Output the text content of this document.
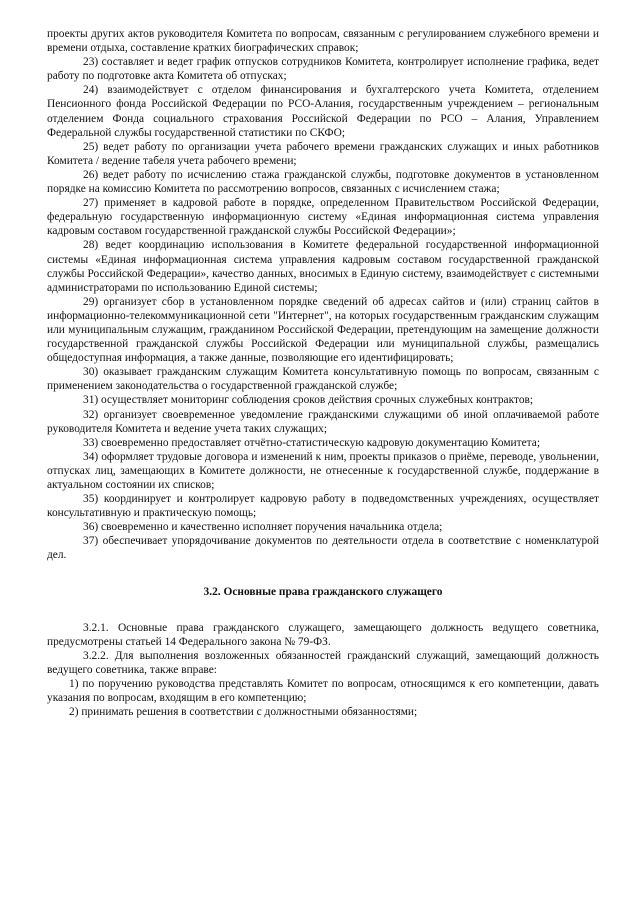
проекты других актов руководителя Комитета по вопросам, связанным с регулированием служебного времени и времени отдыха, составление кратких биографических справок;

23) составляет и ведет график отпусков сотрудников Комитета, контролирует исполнение графика, ведет работу по подготовке акта Комитета об отпусках;

24) взаимодействует с отделом финансирования и бухгалтерского учета Комитета, отделением Пенсионного фонда Российской Федерации по РСО-Алания, государственным учреждением – региональным отделением Фонда социального страхования Российской Федерации по РСО – Алания, Управлением Федеральной службы государственной статистики по СКФО;

25) ведет работу по организации учета рабочего времени гражданских служащих и иных работников Комитета / ведение табеля учета рабочего времени;

26) ведет работу по исчислению стажа гражданской службы, подготовке документов в установленном порядке на комиссию Комитета по рассмотрению вопросов, связанных с исчислением стажа;

27) применяет в кадровой работе в порядке, определенном Правительством Российской Федерации, федеральную государственную информационную систему «Единая информационная система управления кадровым составом государственной гражданской службы Российской Федерации»;

28) ведет координацию использования в Комитете федеральной государственной информационной системы «Единая информационная система управления кадровым составом государственной гражданской службы Российской Федерации», качество данных, вносимых в Единую систему, взаимодействует с системными администраторами по использованию Единой системы;

29) организует сбор в установленном порядке сведений об адресах сайтов и (или) страниц сайтов в информационно-телекоммуникационной сети "Интернет", на которых государственным гражданским служащим или муниципальным служащим, гражданином Российской Федерации, претендующим на замещение должности государственной гражданской службы Российской Федерации или муниципальной службы, размещались общедоступная информация, а также данные, позволяющие его идентифицировать;

30) оказывает гражданским служащим Комитета консультативную помощь по вопросам, связанным с применением законодательства о государственной гражданской службе;

31) осуществляет мониторинг соблюдения сроков действия срочных служебных контрактов;

32) организует своевременное уведомление гражданскими служащими об иной оплачиваемой работе руководителя Комитета и ведение учета таких служащих;

33) своевременно предоставляет отчётно-статистическую кадровую документацию Комитета;

34) оформляет трудовые договора и изменений к ним, проекты приказов о приёме, переводе, увольнении, отпусках лиц, замещающих в Комитете должности, не отнесенные к государственной службе, поддержание в актуальном состоянии их списков;

35) координирует и контролирует кадровую работу в подведомственных учреждениях, осуществляет консультативную и практическую помощь;

36) своевременно и качественно исполняет поручения начальника отдела;

37) обеспечивает упорядочивание документов по деятельности отдела в соответствие с номенклатурой дел.

3.2. Основные права гражданского служащего

3.2.1. Основные права гражданского служащего, замещающего должность ведущего советника, предусмотрены статьей 14 Федерального закона № 79-ФЗ.

3.2.2. Для выполнения возложенных обязанностей гражданский служащий, замещающий должность ведущего советника, также вправе:

1) по поручению руководства представлять Комитет по вопросам, относящимся к его компетенции, давать указания по вопросам, входящим в его компетенцию;

2) принимать решения в соответствии с должностными обязанностями;
